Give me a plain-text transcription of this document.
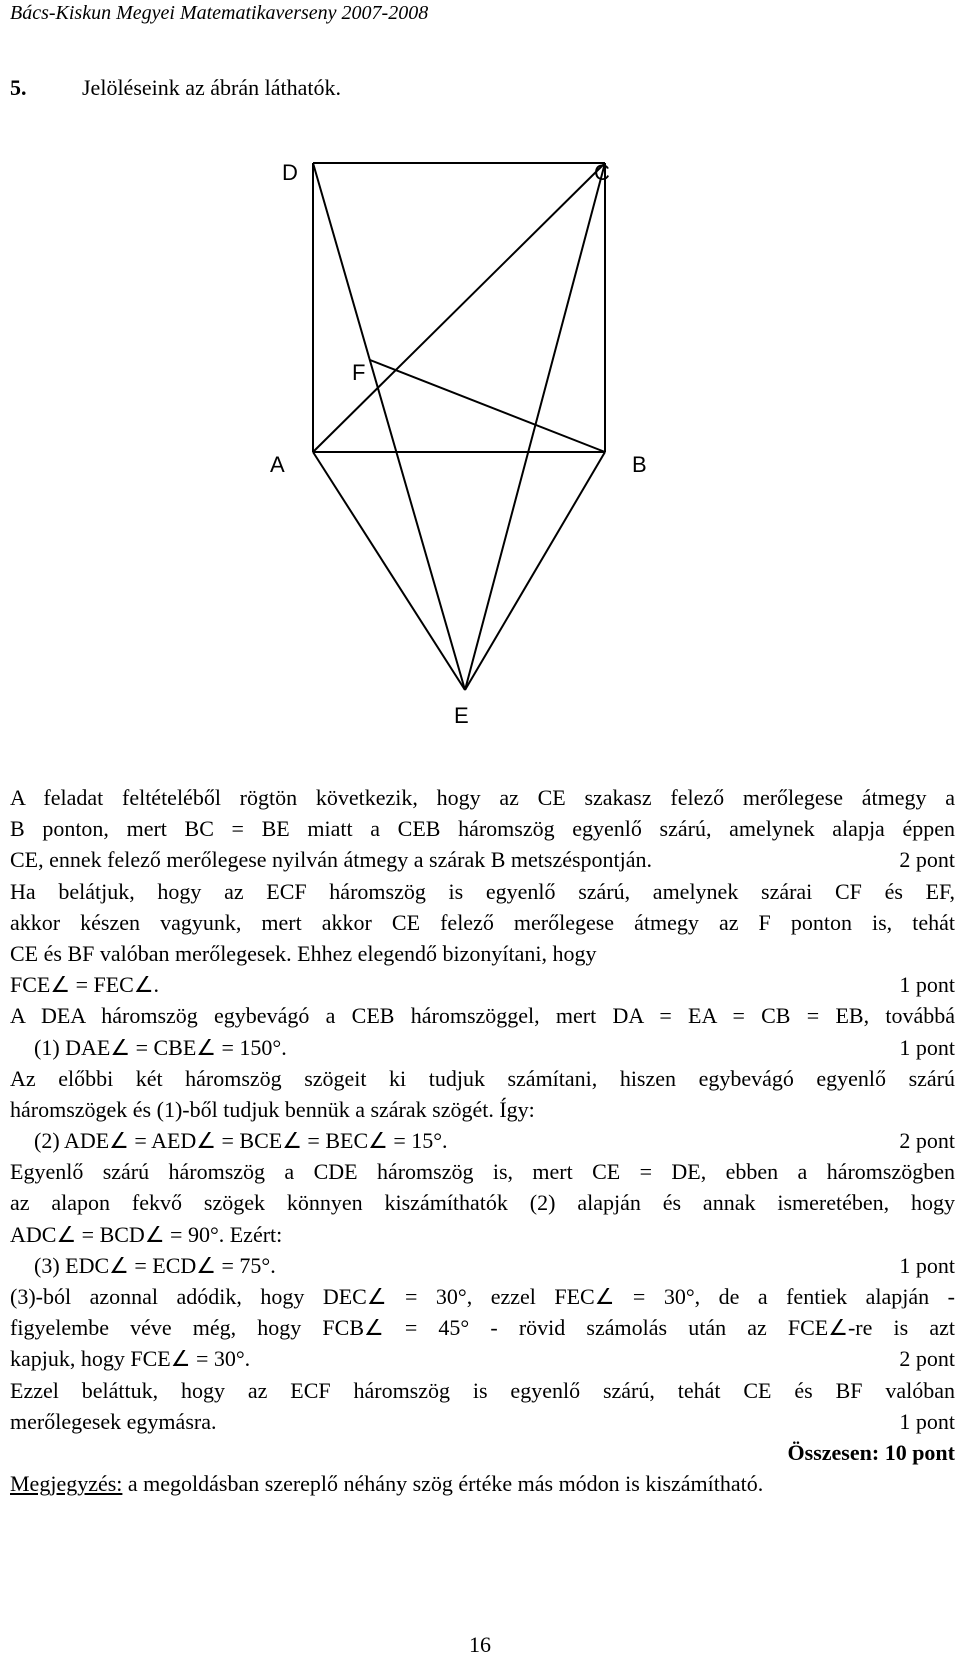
Bács-Kiskun Megyei Matematikaverseny 2007-2008
5.	Jelöléseink az ábrán láthatók.
D	C
F
A	B
E
A feladat feltételéből rögtön következik, hogy az CE szakasz felező merőlegese átmegy a
B ponton, mert BC = BE miatt a CEB háromszög egyenlő szárú, amelynek alapja éppen
CE, ennek felező merőlegese nyilván átmegy a szárak B metszéspontján.	2 pont
Ha belátjuk, hogy az ECF háromszög is egyenlő szárú, amelynek szárai CF és EF,
akkor készen vagyunk, mert akkor CE felező merőlegese átmegy az F ponton is, tehát
CE és BF valóban merőlegesek. Ehhez elegendő bizonyítani, hogy
FCE∠ = FEC∠.	1 pont
A DEA háromszög egybevágó a CEB háromszöggel, mert DA = EA = CB = EB, továbbá
(1) DAE∠ = CBE∠ = 150°.	1 pont
Az előbbi két háromszög szögeit ki tudjuk számítani, hiszen egybevágó egyenlő szárú
háromszögek és (1)-ből tudjuk bennük a szárak szögét. Így:
(2) ADE∠ = AED∠ = BCE∠ = BEC∠ = 15°.	2 pont
Egyenlő szárú háromszög a CDE háromszög is, mert CE = DE, ebben a háromszögben
az alapon fekvő szögek könnyen kiszámíthatók (2) alapján és annak ismeretében, hogy
ADC∠ = BCD∠ = 90°. Ezért:
(3) EDC∠ = ECD∠ = 75°.	1 pont
(3)-ból azonnal adódik, hogy DEC∠ = 30°, ezzel FEC∠ = 30°, de a fentiek alapján -
figyelembe véve még, hogy FCB∠ = 45° - rövid számolás után az FCE∠-re is azt
kapjuk, hogy FCE∠ = 30°.	2 pont
Ezzel beláttuk, hogy az ECF háromszög is egyenlő szárú, tehát CE és BF valóban
merőlegesek egymásra.	1 pont
Összesen: 10 pont
Megjegyzés: a megoldásban szereplő néhány szög értéke más módon is kiszámítható.
16
